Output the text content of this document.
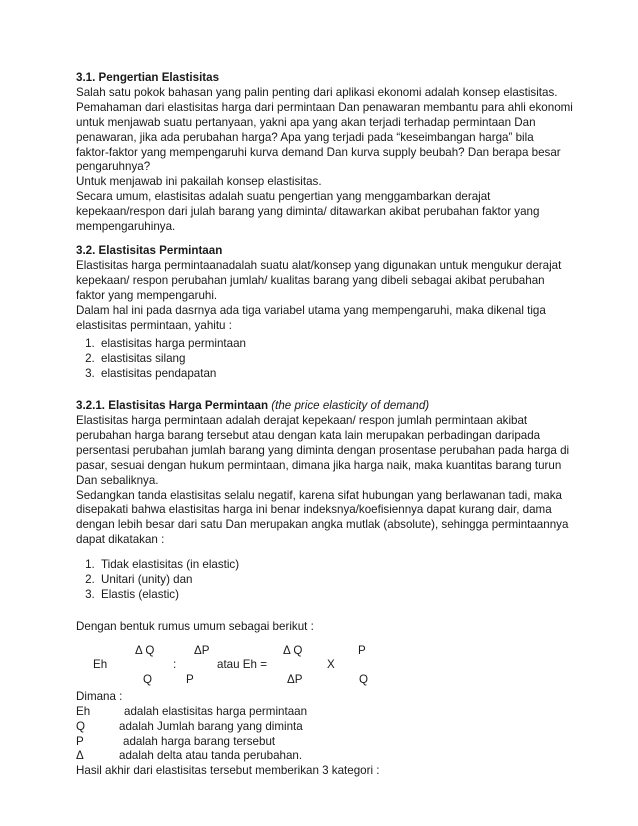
3.1. Pengertian Elastisitas

Salah satu pokok bahasan yang palin penting dari aplikasi ekonomi adalah konsep elastisitas.

Pemahaman dari elastisitas harga dari permintaan Dan penawaran membantu para ahli ekonomi

untuk menjawab suatu pertanyaan, yakni apa yang akan terjadi terhadap permintaan Dan

penawaran, jika ada perubahan harga? Apa yang terjadi pada “keseimbangan harga” bila

faktor-faktor yang mempengaruhi kurva demand Dan kurva supply beubah? Dan berapa besar

pengaruhnya?

Untuk menjawab ini pakailah konsep elastisitas.

Secara umum, elastisitas adalah suatu pengertian yang menggambarkan derajat

kepekaan/respon dari julah barang yang diminta/ ditawarkan akibat perubahan faktor yang

mempengaruhinya.

3.2. Elastisitas Permintaan

Elastisitas harga permintaanadalah suatu alat/konsep yang digunakan untuk mengukur derajat

kepekaan/ respon perubahan jumlah/ kualitas barang yang dibeli sebagai akibat perubahan

faktor yang mempengaruhi.

Dalam hal ini pada dasrnya ada tiga variabel utama yang mempengaruhi, maka dikenal tiga

elastisitas permintaan, yahitu :

1. elastisitas harga permintaan
2. elastisitas silang
3. elastisitas pendapatan

3.2.1. Elastisitas Harga Permintaan (the price elasticity of demand)

Elastisitas harga permintaan adalah derajat kepekaan/ respon jumlah permintaan akibat

perubahan harga barang tersebut atau dengan kata lain merupakan perbadingan daripada

persentasi perubahan jumlah barang yang diminta dengan prosentase perubahan pada harga di

pasar, sesuai dengan hukum permintaan, dimana jika harga naik, maka kuantitas barang turun

Dan sebaliknya.

Sedangkan tanda elastisitas selalu negatif, karena sifat hubungan yang berlawanan tadi, maka

disepakati bahwa elastisitas harga ini benar indeksnya/koefisiennya dapat kurang dair, dama

dengan lebih besar dari satu Dan merupakan angka mutlak (absolute), sehingga permintaannya

dapat dikatakan :

1. Tidak elastisitas (in elastic)
2. Unitari (unity) dan
3. Elastis (elastic)

Dengan bentuk rumus umum sebagai berikut :

Δ Q	ΔP	Δ Q	P
Eh	:	atau Eh =	X
Q	P	ΔP	Q

Dimana :

Eh	adalah elastisitas harga permintaan
Q	adalah Jumlah barang yang diminta
P	adalah harga barang tersebut
Δ	adalah delta atau tanda perubahan.

Hasil akhir dari elastisitas tersebut memberikan 3 kategori :
